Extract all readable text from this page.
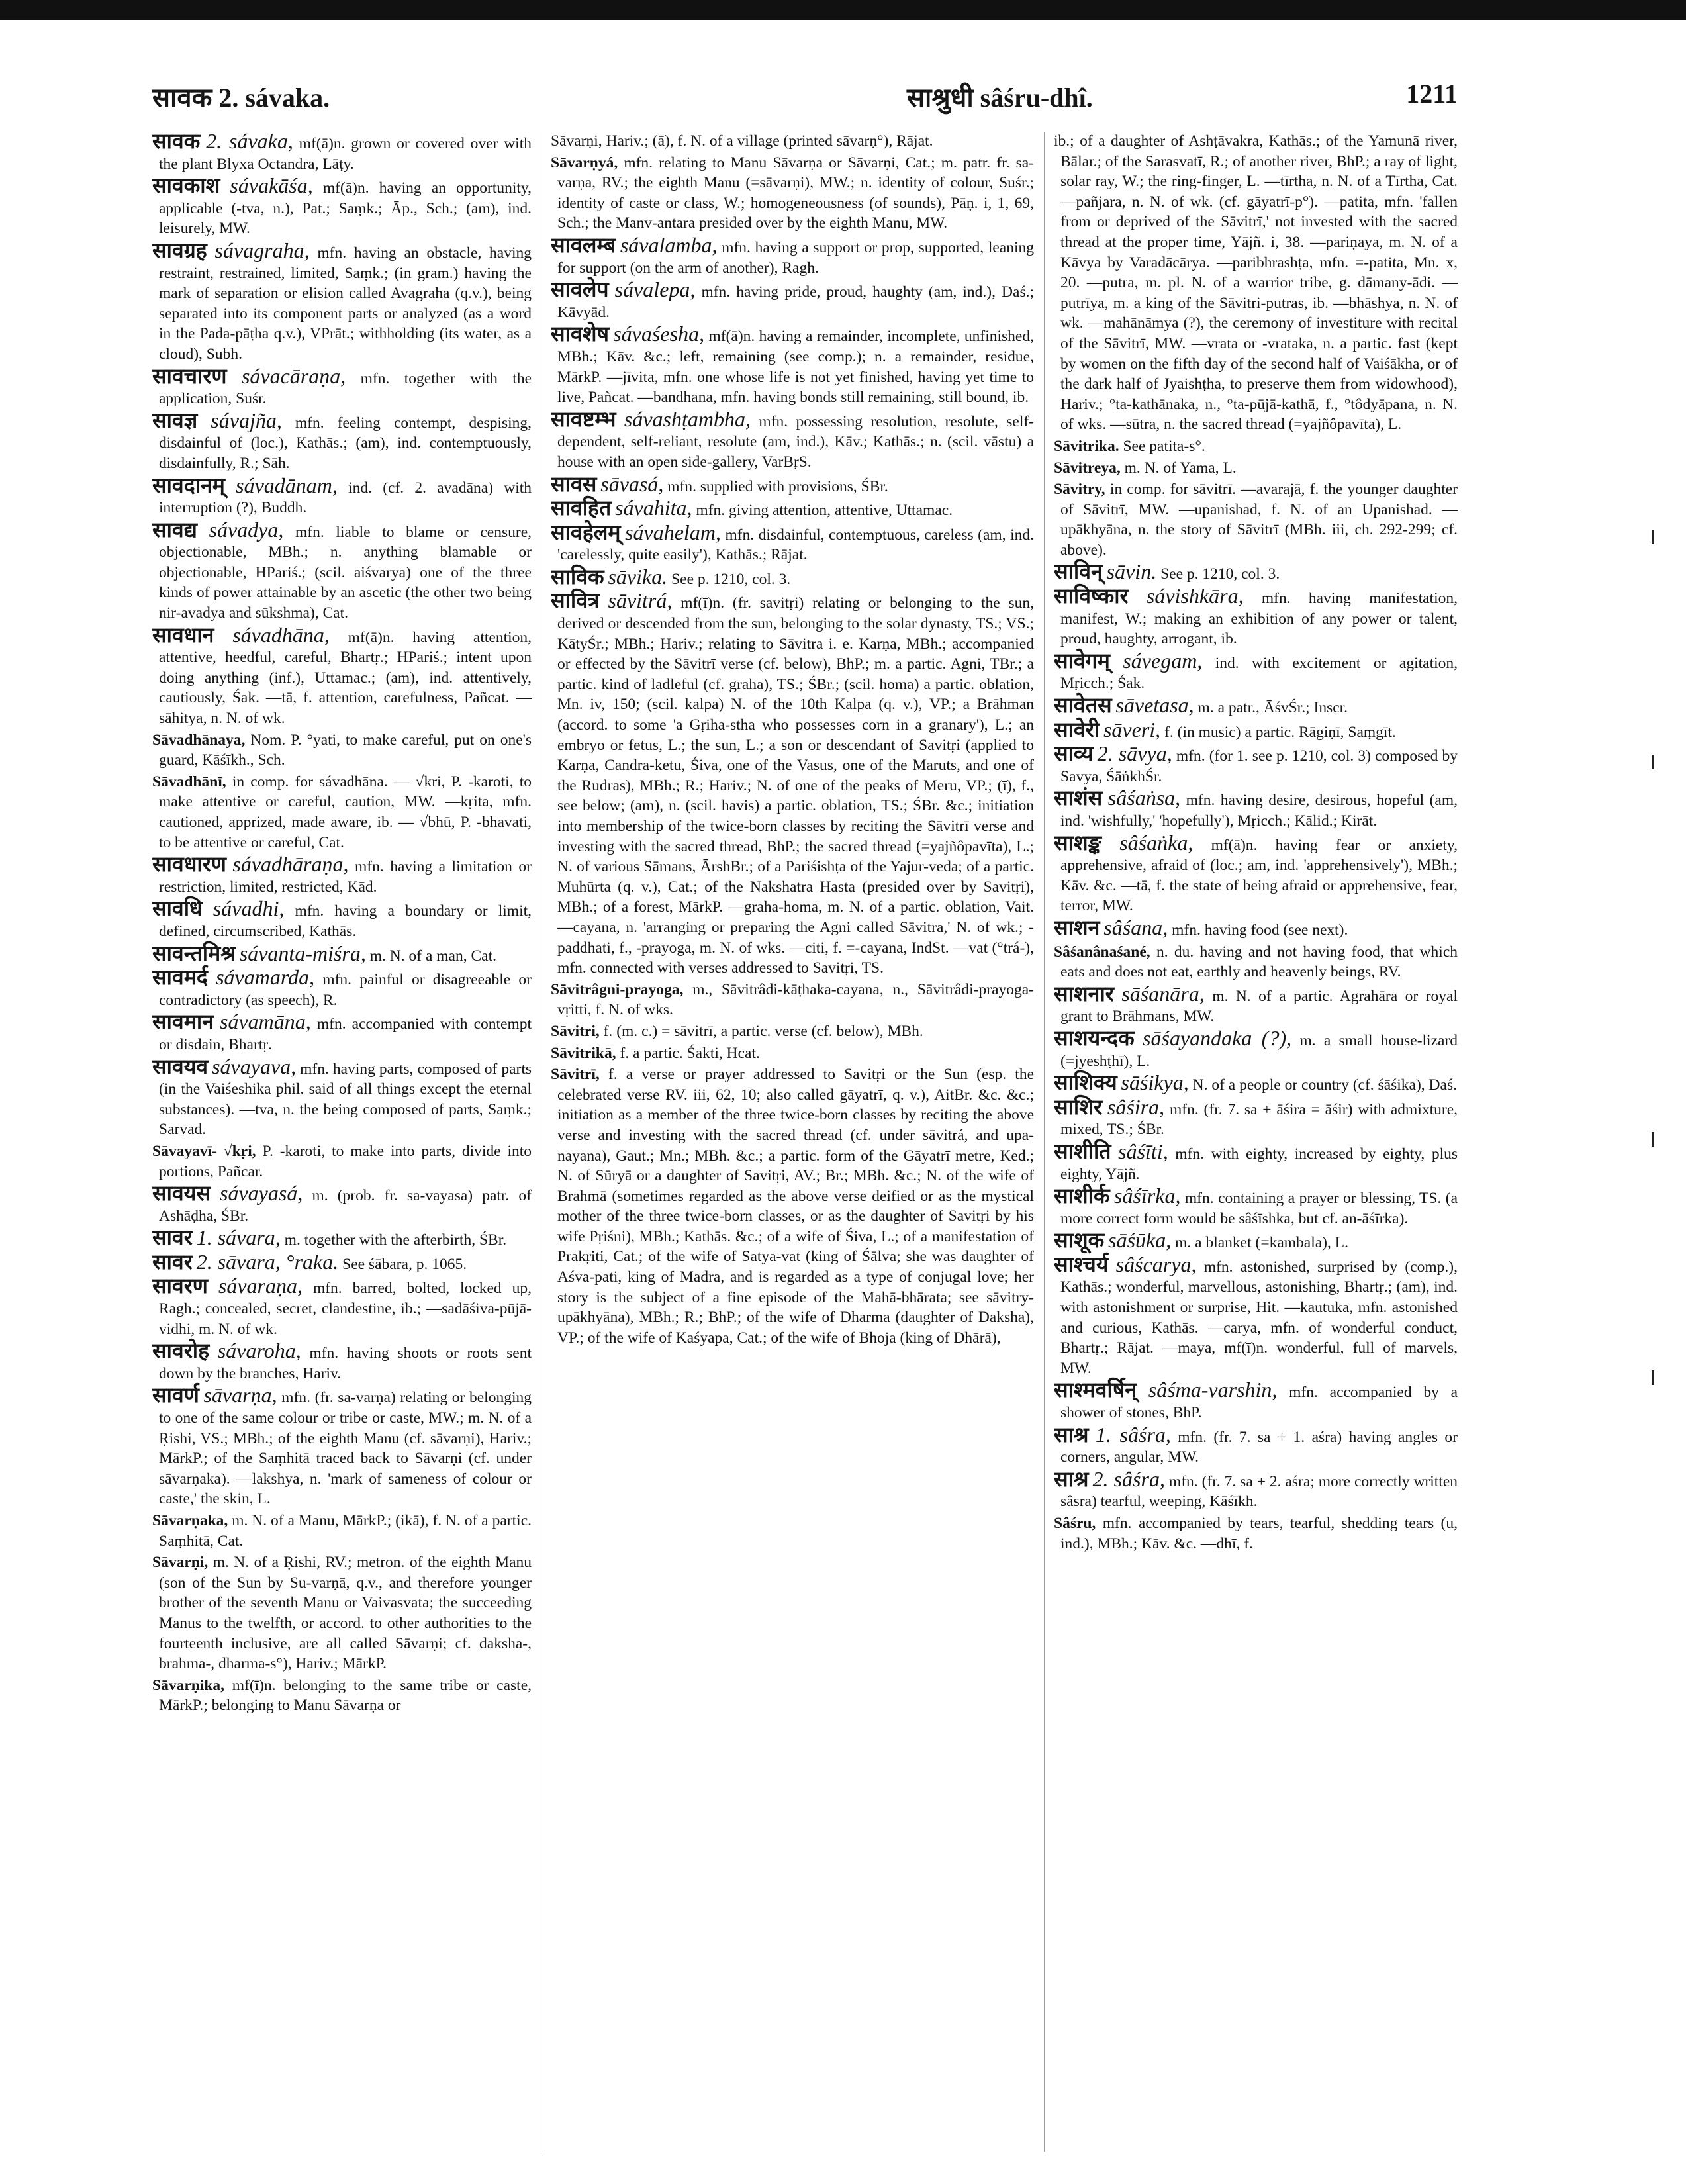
सावक 2. sávaka.	साश्रुधी sâśru-dhî.	1211

सावक 2. sávaka, mf(ā)n. grown or covered over with the plant Blyxa Octandra, Lāṭy.

सावकाश sávakāśa, mf(ā)n. having an opportunity, applicable (-tva, n.), Pat.; Saṃk.; Āp., Sch.; (am), ind. leisurely, MW.

सावग्रह sávagraha, mfn. having an obstacle, having restraint, restrained, limited, Saṃk.; (in gram.) having the mark of separation or elision called Avagraha (q.v.), being separated into its component parts or analyzed (as a word in the Pada-pāṭha q.v.), VPrāt.; withholding (its water, as a cloud), Subh.

सावचारण sávacāraṇa, mfn. together with the application, Suśr.

सावज्ञ sávajña, mfn. feeling contempt, despising, disdainful of (loc.), Kathās.; (am), ind. contemptuously, disdainfully, R.; Sāh.

सावदानम् sávadānam, ind. (cf. 2. avadāna) with interruption (?), Buddh.

सावद्य sávadya, mfn. liable to blame or censure, objectionable, MBh.; n. anything blamable or objectionable, HPariś.; (scil. aiśvarya) one of the three kinds of power attainable by an ascetic (the other two being nir-avadya and sūkshma), Cat.

सावधान sávadhāna, mf(ā)n. having attention, attentive, heedful, careful, Bhartṛ.; HPariś.; intent upon doing anything (inf.), Uttamac.; (am), ind. attentively, cautiously, Śak. —tā, f. attention, carefulness, Pañcat. —sāhitya, n. N. of wk.

Sāvadhānaya, Nom. P. °yati, to make careful, put on one's guard, Kāśīkh., Sch.

Sāvadhānī, in comp. for sávadhāna. — √kri, P. -karoti, to make attentive or careful, caution, MW. —kṛita, mfn. cautioned, apprized, made aware, ib. — √bhū, P. -bhavati, to be attentive or careful, Cat.

सावधारण sávadhāraṇa, mfn. having a limitation or restriction, limited, restricted, Kād.

सावधि sávadhi, mfn. having a boundary or limit, defined, circumscribed, Kathās.

सावन्तमिश्र sávanta-miśra, m. N. of a man, Cat.

सावमर्द sávamarda, mfn. painful or disagreeable or contradictory (as speech), R.

सावमान sávamāna, mfn. accompanied with contempt or disdain, Bhartṛ.

सावयव sávayava, mfn. having parts, composed of parts (in the Vaiśeshika phil. said of all things except the eternal substances). —tva, n. the being composed of parts, Saṃk.; Sarvad.

Sāvayavī- √kṛi, P. -karoti, to make into parts, divide into portions, Pañcar.

सावयस sávayasá, m. (prob. fr. sa-vayasa) patr. of Ashāḍha, ŚBr.

सावर 1. sávara, m. together with the afterbirth, ŚBr.

सावर 2. sāvara, °raka. See śābara, p. 1065.

सावरण sávaraṇa, mfn. barred, bolted, locked up, Ragh.; concealed, secret, clandestine, ib.; —sadāśiva-pūjā-vidhi, m. N. of wk.

सावरोह sávaroha, mfn. having shoots or roots sent down by the branches, Hariv.

सावर्ण sāvarṇa, mfn. (fr. sa-varṇa) relating or belonging to one of the same colour or tribe or caste, MW.; m. N. of a Ṛishi, VS.; MBh.; of the eighth Manu (cf. sāvarṇi), Hariv.; MārkP.; of the Saṃhitā traced back to Sāvarṇi (cf. under sāvarṇaka). —lakshya, n. 'mark of sameness of colour or caste,' the skin, L.

Sāvarṇaka, m. N. of a Manu, MārkP.; (ikā), f. N. of a partic. Saṃhitā, Cat.

Sāvarṇi, m. N. of a Ṛishi, RV.; metron. of the eighth Manu (son of the Sun by Su-varṇā, q.v., and therefore younger brother of the seventh Manu or Vaivasvata; the succeeding Manus to the twelfth, or accord. to other authorities to the fourteenth inclusive, are all called Sāvarṇi; cf. daksha-, brahma-, dharma-s°), Hariv.; MārkP.

Sāvarṇika, mf(ī)n. belonging to the same tribe or caste, MārkP.; belonging to Manu Sāvarṇa or

Sāvarṇi, Hariv.; (ā), f. N. of a village (printed sāvarṇ°), Rājat.

Sāvarṇyá, mfn. relating to Manu Sāvarṇa or Sāvarṇi, Cat.; m. patr. fr. sa-varṇa, RV.; the eighth Manu (=sāvarṇi), MW.; n. identity of colour, Suśr.; identity of caste or class, W.; homogeneousness (of sounds), Pāṇ. i, 1, 69, Sch.; the Manv-antara presided over by the eighth Manu, MW.

सावलम्ब sávalamba, mfn. having a support or prop, supported, leaning for support (on the arm of another), Ragh.

सावलेप sávalepa, mfn. having pride, proud, haughty (am, ind.), Daś.; Kāvyād.

सावशेष sávaśesha, mf(ā)n. having a remainder, incomplete, unfinished, MBh.; Kāv. &c.; left, remaining (see comp.); n. a remainder, residue, MārkP. —jīvita, mfn. one whose life is not yet finished, having yet time to live, Pañcat. —bandhana, mfn. having bonds still remaining, still bound, ib.

सावष्टम्भ sávashṭambha, mfn. possessing resolution, resolute, self-dependent, self-reliant, resolute (am, ind.), Kāv.; Kathās.; n. (scil. vāstu) a house with an open side-gallery, VarBṛS.

सावस sāvasá, mfn. supplied with provisions, ŚBr.

सावहित sávahita, mfn. giving attention, attentive, Uttamac.

सावहेलम् sávahelam, mfn. disdainful, contemptuous, careless (am, ind. 'carelessly, quite easily'), Kathās.; Rājat.

साविक sāvika. See p. 1210, col. 3.

सावित्र sāvitrá, mf(ī)n. (fr. savitṛi) relating or belonging to the sun, derived or descended from the sun, belonging to the solar dynasty, TS.; VS.; KātyŚr.; MBh.; Hariv.; relating to Sāvitra i. e. Karṇa, MBh.; accompanied or effected by the Sāvitrī verse (cf. below), BhP.; m. a partic. Agni, TBr.; a partic. kind of ladleful (cf. graha), TS.; ŚBr.; (scil. homa) a partic. oblation, Mn. iv, 150; (scil. kalpa) N. of the 10th Kalpa (q. v.), VP.; a Brāhman (accord. to some 'a Gṛiha-stha who possesses corn in a granary'), L.; an embryo or fetus, L.; the sun, L.; a son or descendant of Savitṛi (applied to Karṇa, Candra-ketu, Śiva, one of the Vasus, one of the Maruts, and one of the Rudras), MBh.; R.; Hariv.; N. of one of the peaks of Meru, VP.; (ī), f., see below; (am), n. (scil. havis) a partic. oblation, TS.; ŚBr. &c.; initiation into membership of the twice-born classes by reciting the Sāvitrī verse and investing with the sacred thread, BhP.; the sacred thread (=yajñôpavīta), L.; N. of various Sāmans, ĀrshBr.; of a Pariśishṭa of the Yajur-veda; of a partic. Muhūrta (q. v.), Cat.; of the Nakshatra Hasta (presided over by Savitṛi), MBh.; of a forest, MārkP. —graha-homa, m. N. of a partic. oblation, Vait. —cayana, n. 'arranging or preparing the Agni called Sāvitra,' N. of wk.; -paddhati, f., -prayoga, m. N. of wks. —citi, f. =-cayana, IndSt. —vat (°trá-), mfn. connected with verses addressed to Savitṛi, TS.

Sāvitrâgni-prayoga, m., Sāvitrâdi-kāṭhaka-cayana, n., Sāvitrâdi-prayoga-vṛitti, f. N. of wks.

Sāvitri, f. (m. c.) = sāvitrī, a partic. verse (cf. below), MBh.

Sāvitrikā, f. a partic. Śakti, Hcat.

Sāvitrī, f. a verse or prayer addressed to Savitṛi or the Sun (esp. the celebrated verse RV. iii, 62, 10; also called gāyatrī, q. v.), AitBr. &c. &c.; initiation as a member of the three twice-born classes by reciting the above verse and investing with the sacred thread (cf. under sāvitrá, and upa-nayana), Gaut.; Mn.; MBh. &c.; a partic. form of the Gāyatrī metre, Ked.; N. of Sūryā or a daughter of Savitṛi, AV.; Br.; MBh. &c.; N. of the wife of Brahmā (sometimes regarded as the above verse deified or as the mystical mother of the three twice-born classes, or as the daughter of Savitṛi by his wife Pṛiśni), MBh.; Kathās. &c.; of a wife of Śiva, L.; of a manifestation of Prakṛiti, Cat.; of the wife of Satya-vat (king of Śālva; she was daughter of Aśva-pati, king of Madra, and is regarded as a type of conjugal love; her story is the subject of a fine episode of the Mahā-bhārata; see sāvitry-upākhyāna), MBh.; R.; BhP.; of the wife of Dharma (daughter of Daksha), VP.; of the wife of Kaśyapa, Cat.; of the wife of Bhoja (king of Dhārā),

ib.; of a daughter of Ashṭāvakra, Kathās.; of the Yamunā river, Bālar.; of the Sarasvatī, R.; of another river, BhP.; a ray of light, solar ray, W.; the ring-finger, L. —tīrtha, n. N. of a Tīrtha, Cat. —pañjara, n. N. of wk. (cf. gāyatrī-p°). —patita, mfn. 'fallen from or deprived of the Sāvitrī,' not invested with the sacred thread at the proper time, Yājñ. i, 38. —pariṇaya, m. N. of a Kāvya by Varadācārya. —paribhrashṭa, mfn. =-patita, Mn. x, 20. —putra, m. pl. N. of a warrior tribe, g. dāmany-ādi. —putrīya, m. a king of the Sāvitri-putras, ib. —bhāshya, n. N. of wk. —mahānāmya (?), the ceremony of investiture with recital of the Sāvitrī, MW. —vrata or -vrataka, n. a partic. fast (kept by women on the fifth day of the second half of Vaiśākha, or of the dark half of Jyaishṭha, to preserve them from widowhood), Hariv.; °ta-kathānaka, n., °ta-pūjā-kathā, f., °tôdyāpana, n. N. of wks. —sūtra, n. the sacred thread (=yajñôpavīta), L.

Sāvitrika. See patita-s°.

Sāvitreya, m. N. of Yama, L.

Sāvitry, in comp. for sāvitrī. —avarajā, f. the younger daughter of Sāvitrī, MW. —upanishad, f. N. of an Upanishad. —upākhyāna, n. the story of Sāvitrī (MBh. iii, ch. 292-299; cf. above).

साविन् sāvin. See p. 1210, col. 3.

साविष्कार sávishkāra, mfn. having manifestation, manifest, W.; making an exhibition of any power or talent, proud, haughty, arrogant, ib.

सावेगम् sávegam, ind. with excitement or agitation, Mṛicch.; Śak.

सावेतस sāvetasa, m. a patr., ĀśvŚr.; Inscr.

सावेरी sāveri, f. (in music) a partic. Rāgiṇī, Saṃgīt.

साव्य 2. sāvya, mfn. (for 1. see p. 1210, col. 3) composed by Savya, ŚāṅkhŚr.

साशंस sâśaṅsa, mfn. having desire, desirous, hopeful (am, ind. 'wishfully,' 'hopefully'), Mṛicch.; Kālid.; Kirāt.

साशङ्क sâśaṅka, mf(ā)n. having fear or anxiety, apprehensive, afraid of (loc.; am, ind. 'apprehensively'), MBh.; Kāv. &c. —tā, f. the state of being afraid or apprehensive, fear, terror, MW.

साशन sâśana, mfn. having food (see next).

Sâśanânaśané, n. du. having and not having food, that which eats and does not eat, earthly and heavenly beings, RV.

साशनार sāśanāra, m. N. of a partic. Agrahāra or royal grant to Brāhmans, MW.

साशयन्दक sāśayandaka (?), m. a small house-lizard (=jyeshṭhī), L.

साशिक्य sāśikya, N. of a people or country (cf. śāśika), Daś.

साशिर sâśira, mfn. (fr. 7. sa + āśira = āśir) with admixture, mixed, TS.; ŚBr.

साशीति sâśīti, mfn. with eighty, increased by eighty, plus eighty, Yājñ.

साशीर्क sâśīrka, mfn. containing a prayer or blessing, TS. (a more correct form would be sâśīshka, but cf. an-āśīrka).

साशूक sāśūka, m. a blanket (=kambala), L.

साश्चर्य sâścarya, mfn. astonished, surprised by (comp.), Kathās.; wonderful, marvellous, astonishing, Bhartṛ.; (am), ind. with astonishment or surprise, Hit. —kautuka, mfn. astonished and curious, Kathās. —carya, mfn. of wonderful conduct, Bhartṛ.; Rājat. —maya, mf(ī)n. wonderful, full of marvels, MW.

साश्मवर्षिन् sâśma-varshin, mfn. accompanied by a shower of stones, BhP.

साश्र 1. sâśra, mfn. (fr. 7. sa + 1. aśra) having angles or corners, angular, MW.

साश्र 2. sâśra, mfn. (fr. 7. sa + 2. aśra; more correctly written sâsra) tearful, weeping, Kāśīkh.

Sâśru, mfn. accompanied by tears, tearful, shedding tears (u, ind.), MBh.; Kāv. &c. —dhī, f.
